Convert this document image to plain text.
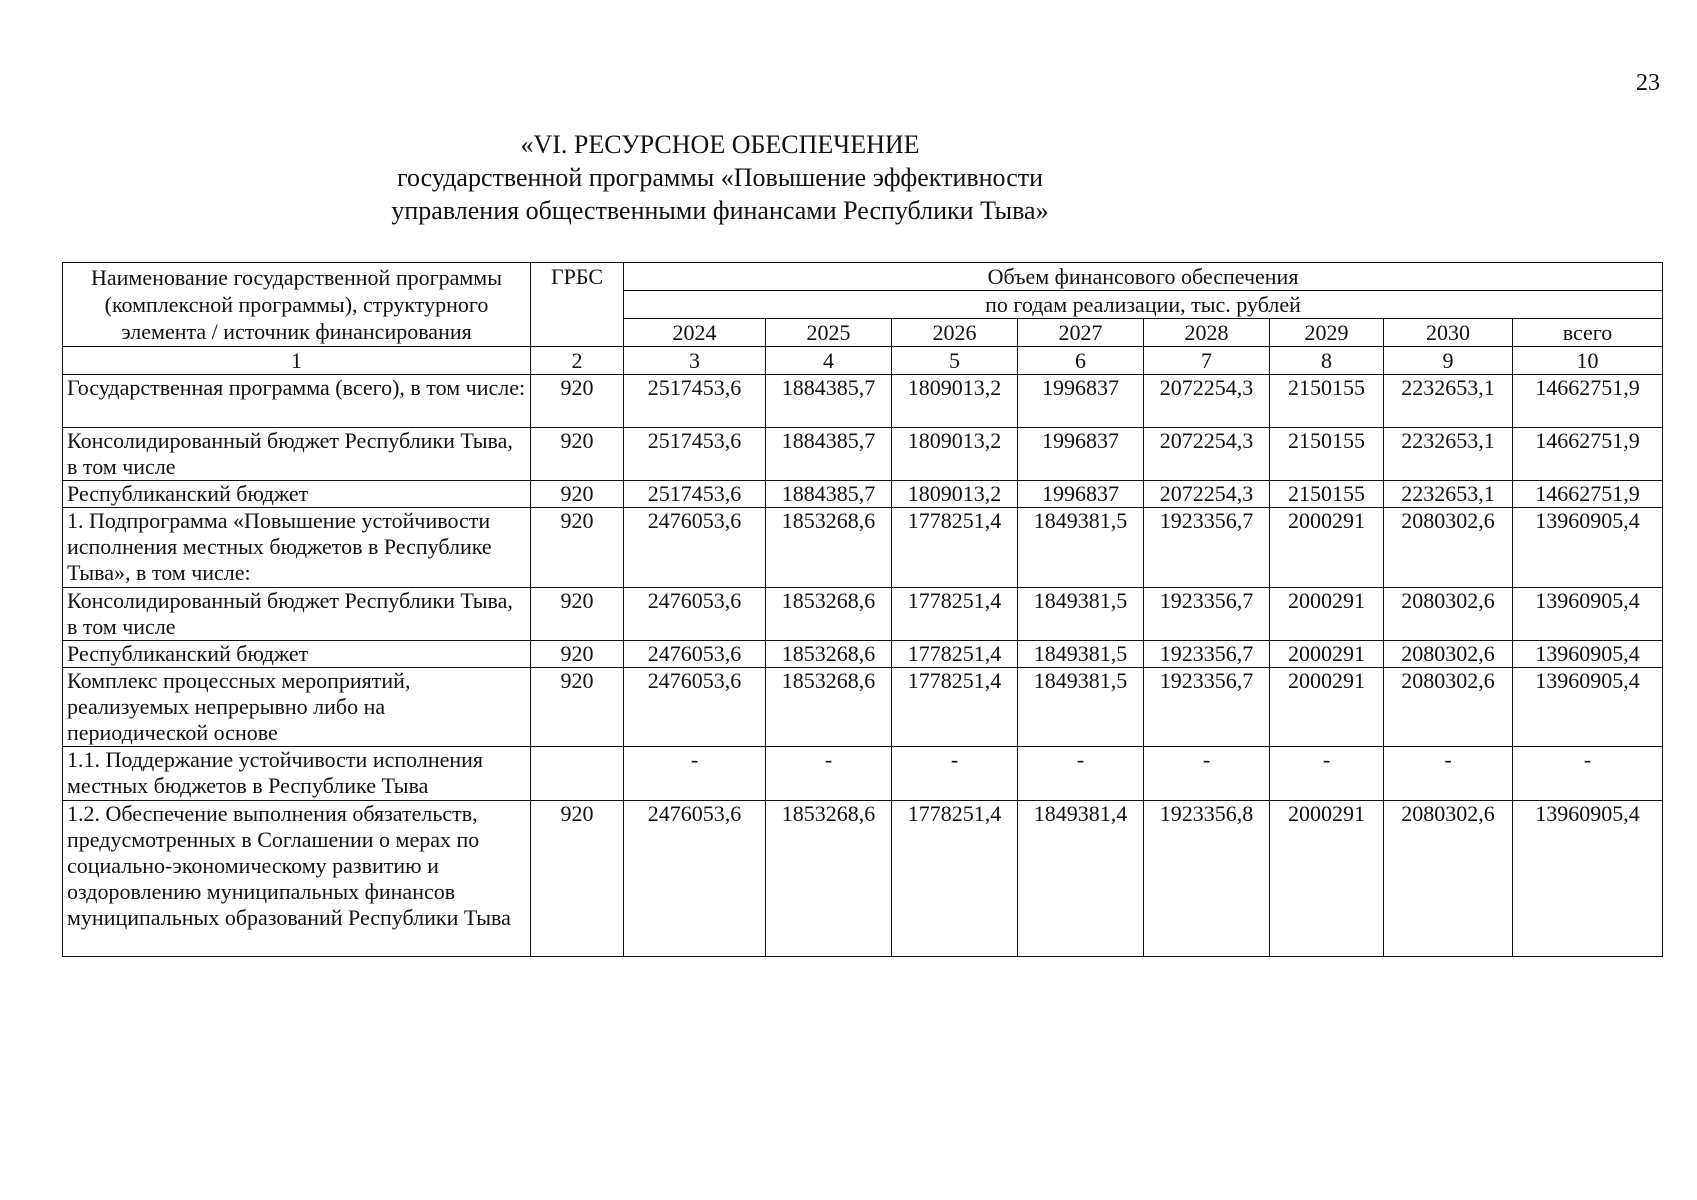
23
«VI. РЕСУРСНОЕ ОБЕСПЕЧЕНИЕ
государственной программы «Повышение эффективности
управления общественными финансами Республики Тыва»
Наименование государственной программы (комплексной программы), структурного элемента / источник финансирования	ГРБС	Объем финансового обеспечения							
		по годам реализации, тыс. рублей							
		2024	2025	2026	2027	2028	2029	2030	всего
1	2	3	4	5	6	7	8	9	10
Государственная программа (всего), в том числе:	920	2517453,6	1884385,7	1809013,2	1996837	2072254,3	2150155	2232653,1	14662751,9
Консолидированный бюджет Республики Тыва, в том числе	920	2517453,6	1884385,7	1809013,2	1996837	2072254,3	2150155	2232653,1	14662751,9
Республиканский бюджет	920	2517453,6	1884385,7	1809013,2	1996837	2072254,3	2150155	2232653,1	14662751,9
1. Подпрограмма «Повышение устойчивости исполнения местных бюджетов в Республике Тыва», в том числе:	920	2476053,6	1853268,6	1778251,4	1849381,5	1923356,7	2000291	2080302,6	13960905,4
Консолидированный бюджет Республики Тыва, в том числе	920	2476053,6	1853268,6	1778251,4	1849381,5	1923356,7	2000291	2080302,6	13960905,4
Республиканский бюджет	920	2476053,6	1853268,6	1778251,4	1849381,5	1923356,7	2000291	2080302,6	13960905,4
Комплекс процессных мероприятий, реализуемых непрерывно либо на периодической основе	920	2476053,6	1853268,6	1778251,4	1849381,5	1923356,7	2000291	2080302,6	13960905,4
1.1. Поддержание устойчивости исполнения местных бюджетов в Республике Тыва		-	-	-	-	-	-	-	-
1.2. Обеспечение выполнения обязательств, предусмотренных в Соглашении о мерах по социально-экономическому развитию и оздоровлению муниципальных финансов муниципальных образований Республики Тыва	920	2476053,6	1853268,6	1778251,4	1849381,4	1923356,8	2000291	2080302,6	13960905,4
